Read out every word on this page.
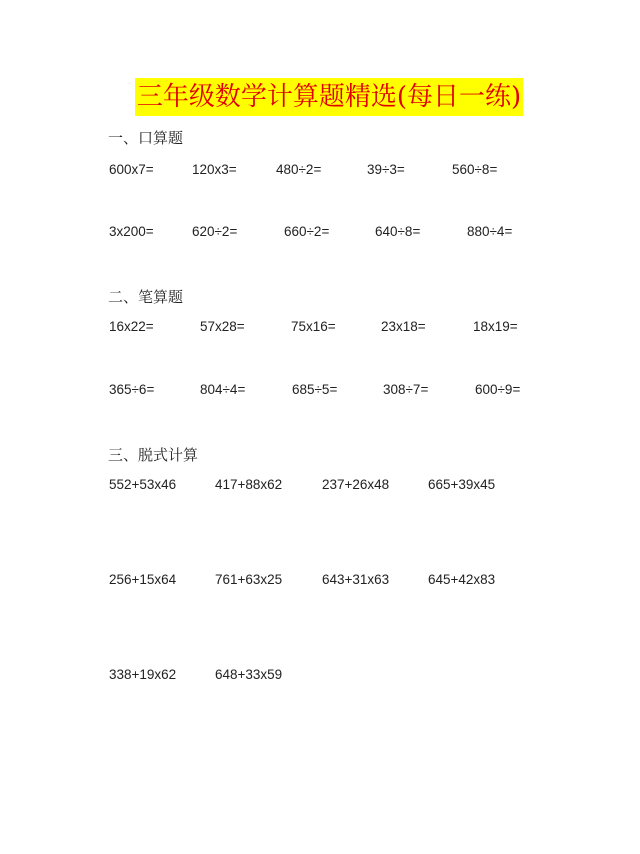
三年级数学计算题精选(每日一练)
一、口算题
600x7=	120x3=	480÷2=	39÷3=	560÷8=
3x200=	620÷2=	660÷2=	640÷8=	880÷4=
二、笔算题
16x22=	57x28=	75x16=	23x18=	18x19=
365÷6=	804÷4=	685÷5=	308÷7=	600÷9=
三、脱式计算
552+53x46	417+88x62	237+26x48	665+39x45
256+15x64	761+63x25	643+31x63	645+42x83
338+19x62	648+33x59
